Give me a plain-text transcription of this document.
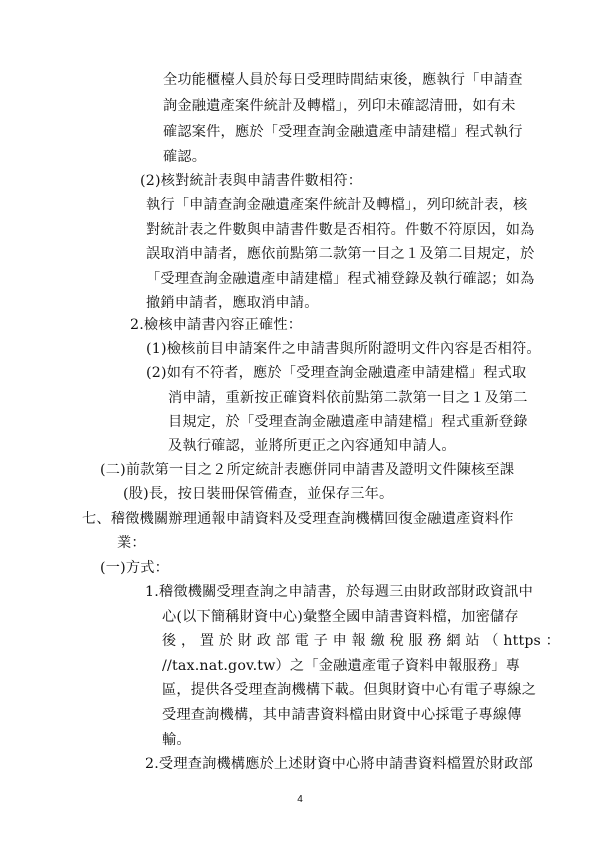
全功能櫃檯人員於每日受理時間結束後，應執行「申請查
詢金融遺產案件統計及轉檔」，列印未確認清冊，如有未
確認案件，應於「受理查詢金融遺產申請建檔」程式執行
確認。
(2)核對統計表與申請書件數相符：
執行「申請查詢金融遺產案件統計及轉檔」，列印統計表，核
對統計表之件數與申請書件數是否相符。件數不符原因，如為
誤取消申請者，應依前點第二款第一目之１及第二目規定，於
「受理查詢金融遺產申請建檔」程式補登錄及執行確認；如為
撤銷申請者，應取消申請。
2.檢核申請書內容正確性：
(1)檢核前目申請案件之申請書與所附證明文件內容是否相符。
(2)如有不符者，應於「受理查詢金融遺產申請建檔」程式取
消申請，重新按正確資料依前點第二款第一目之１及第二
目規定，於「受理查詢金融遺產申請建檔」程式重新登錄
及執行確認，並將所更正之內容通知申請人。
(二)前款第一目之２所定統計表應併同申請書及證明文件陳核至課
(股)長，按日裝冊保管備查，並保存三年。
七、稽徵機關辦理通報申請資料及受理查詢機構回復金融遺產資料作
業：
(一)方式：
1.稽徵機關受理查詢之申請書，於每週三由財政部財政資訊中
心(以下簡稱財資中心)彙整全國申請書資料檔，加密儲存
後 ， 置 於 財 政 部 電 子 申 報 繳 稅 服 務 網 站 （ https ：
//tax.nat.gov.tw）之「金融遺產電子資料申報服務」專
區，提供各受理查詢機構下載。但與財資中心有電子專線之
受理查詢機構，其申請書資料檔由財資中心採電子專線傳
輸。
2.受理查詢機構應於上述財資中心將申請書資料檔置於財政部
4
